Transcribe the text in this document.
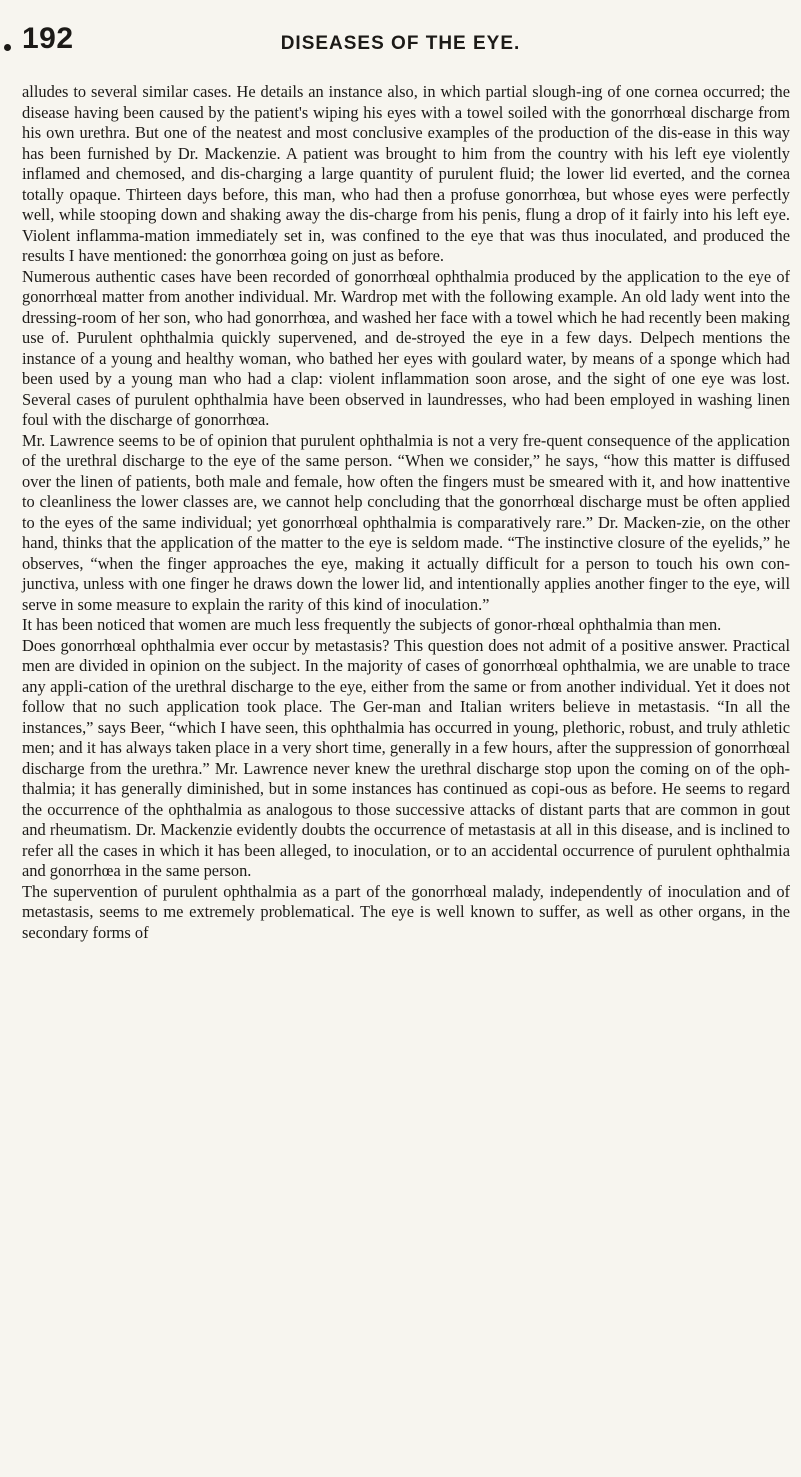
192	DISEASES OF THE EYE.

alludes to several similar cases. He details an instance also, in which partial slough-ing of one cornea occurred; the disease having been caused by the patient's wiping his eyes with a towel soiled with the gonorrhœal discharge from his own urethra. But one of the neatest and most conclusive examples of the production of the dis-ease in this way has been furnished by Dr. Mackenzie. A patient was brought to him from the country with his left eye violently inflamed and chemosed, and dis-charging a large quantity of purulent fluid; the lower lid everted, and the cornea totally opaque. Thirteen days before, this man, who had then a profuse gonorrhœa, but whose eyes were perfectly well, while stooping down and shaking away the dis-charge from his penis, flung a drop of it fairly into his left eye. Violent inflamma-mation immediately set in, was confined to the eye that was thus inoculated, and produced the results I have mentioned: the gonorrhœa going on just as before.

Numerous authentic cases have been recorded of gonorrhœal ophthalmia produced by the application to the eye of gonorrhœal matter from another individual. Mr. Wardrop met with the following example. An old lady went into the dressing-room of her son, who had gonorrhœa, and washed her face with a towel which he had recently been making use of. Purulent ophthalmia quickly supervened, and de-stroyed the eye in a few days. Delpech mentions the instance of a young and healthy woman, who bathed her eyes with goulard water, by means of a sponge which had been used by a young man who had a clap: violent inflammation soon arose, and the sight of one eye was lost. Several cases of purulent ophthalmia have been observed in laundresses, who had been employed in washing linen foul with the discharge of gonorrhœa.

Mr. Lawrence seems to be of opinion that purulent ophthalmia is not a very fre-quent consequence of the application of the urethral discharge to the eye of the same person. “When we consider,” he says, “how this matter is diffused over the linen of patients, both male and female, how often the fingers must be smeared with it, and how inattentive to cleanliness the lower classes are, we cannot help concluding that the gonorrhœal discharge must be often applied to the eyes of the same individual; yet gonorrhœal ophthalmia is comparatively rare.” Dr. Macken-zie, on the other hand, thinks that the application of the matter to the eye is seldom made. “The instinctive closure of the eyelids,” he observes, “when the finger approaches the eye, making it actually difficult for a person to touch his own con-junctiva, unless with one finger he draws down the lower lid, and intentionally applies another finger to the eye, will serve in some measure to explain the rarity of this kind of inoculation.”

It has been noticed that women are much less frequently the subjects of gonor-rhœal ophthalmia than men.

Does gonorrhœal ophthalmia ever occur by metastasis? This question does not admit of a positive answer. Practical men are divided in opinion on the subject. In the majority of cases of gonorrhœal ophthalmia, we are unable to trace any appli-cation of the urethral discharge to the eye, either from the same or from another individual. Yet it does not follow that no such application took place. The Ger-man and Italian writers believe in metastasis. “In all the instances,” says Beer, “which I have seen, this ophthalmia has occurred in young, plethoric, robust, and truly athletic men; and it has always taken place in a very short time, generally in a few hours, after the suppression of gonorrhœal discharge from the urethra.” Mr. Lawrence never knew the urethral discharge stop upon the coming on of the oph-thalmia; it has generally diminished, but in some instances has continued as copi-ous as before. He seems to regard the occurrence of the ophthalmia as analogous to those successive attacks of distant parts that are common in gout and rheumatism. Dr. Mackenzie evidently doubts the occurrence of metastasis at all in this disease, and is inclined to refer all the cases in which it has been alleged, to inoculation, or to an accidental occurrence of purulent ophthalmia and gonorrhœa in the same person.

The supervention of purulent ophthalmia as a part of the gonorrhœal malady, independently of inoculation and of metastasis, seems to me extremely problematical. The eye is well known to suffer, as well as other organs, in the secondary forms of
